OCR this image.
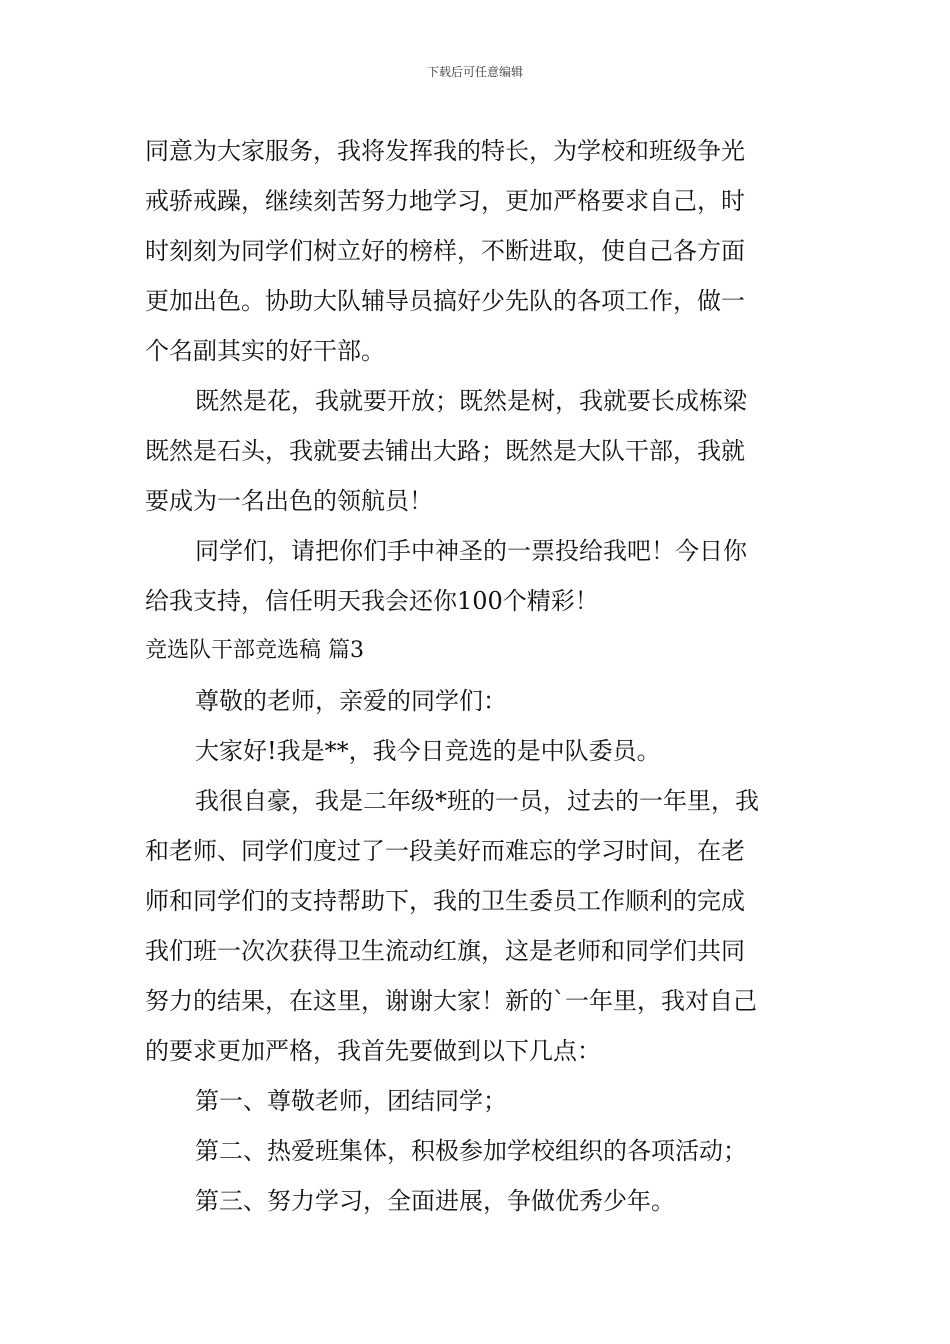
下载后可任意编辑
同意为大家服务，我将发挥我的特长，为学校和班级争光
戒骄戒躁，继续刻苦努力地学习，更加严格要求自己，时
时刻刻为同学们树立好的榜样，不断进取，使自己各方面
更加出色。协助大队辅导员搞好少先队的各项工作，做一
个名副其实的好干部。
既然是花，我就要开放；既然是树，我就要长成栋梁
既然是石头，我就要去铺出大路；既然是大队干部，我就
要成为一名出色的领航员！
同学们，请把你们手中神圣的一票投给我吧！今日你
给我支持，信任明天我会还你100个精彩！
竞选队干部竞选稿 篇3
尊敬的老师，亲爱的同学们：
大家好!我是**，我今日竞选的是中队委员。
我很自豪，我是二年级*班的一员，过去的一年里，我
和老师、同学们度过了一段美好而难忘的学习时间，在老
师和同学们的支持帮助下，我的卫生委员工作顺利的完成
我们班一次次获得卫生流动红旗，这是老师和同学们共同
努力的结果，在这里，谢谢大家！新的`一年里，我对自己
的要求更加严格，我首先要做到以下几点：
第一、尊敬老师，团结同学；
第二、热爱班集体，积极参加学校组织的各项活动；
第三、努力学习，全面进展，争做优秀少年。
